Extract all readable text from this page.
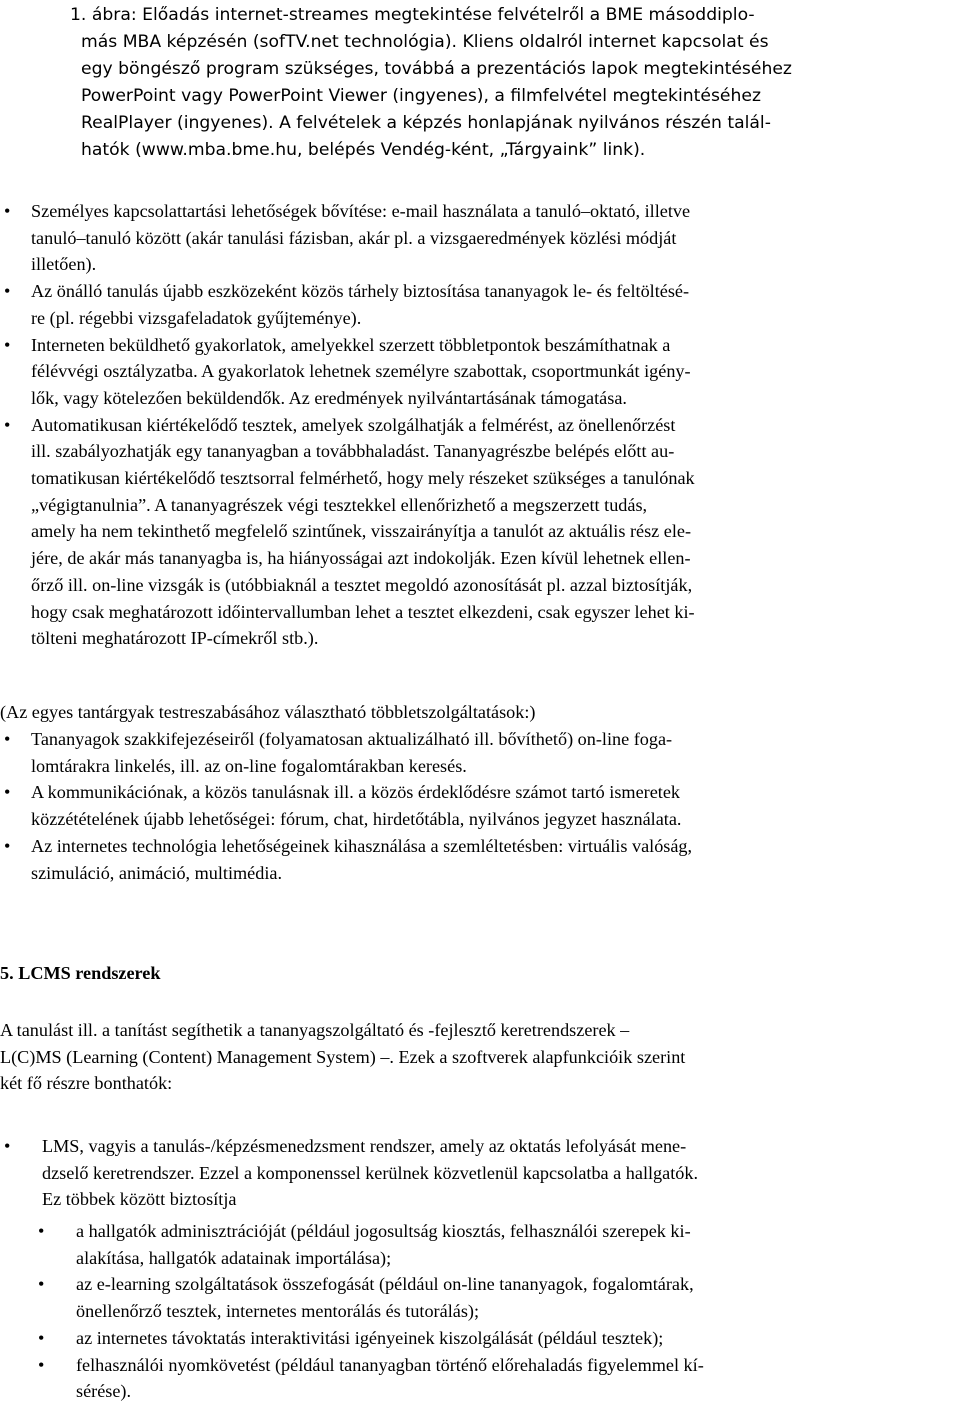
1. ábra: Előadás internet-streames megtekintése felvételről a BME másoddiplo-
más MBA képzésén (sofTV.net technológia). Kliens oldalról internet kapcsolat és
egy böngésző program szükséges, továbbá a prezentációs lapok megtekintéséhez
PowerPoint vagy PowerPoint Viewer (ingyenes), a filmfelvétel megtekintéséhez
RealPlayer (ingyenes). A felvételek a képzés honlapjának nyilvános részén talál-
hatók (www.mba.bme.hu, belépés Vendég-ként, „Tárgyaink” link).

•	Személyes kapcsolattartási lehetőségek bővítése: e-mail használata a tanuló–oktató, illetve
tanuló–tanuló között (akár tanulási fázisban, akár pl. a vizsgaeredmények közlési módját
illetően).
•	Az önálló tanulás újabb eszközeként közös tárhely biztosítása tananyagok le- és feltöltésé-
re (pl. régebbi vizsgafeladatok gyűjteménye).
•	Interneten beküldhető gyakorlatok, amelyekkel szerzett többletpontok beszámíthatnak a
félévvégi osztályzatba. A gyakorlatok lehetnek személyre szabottak, csoportmunkát igény-
lők, vagy kötelezően beküldendők. Az eredmények nyilvántartásának támogatása.
•	Automatikusan kiértékelődő tesztek, amelyek szolgálhatják a felmérést, az önellenőrzést
ill. szabályozhatják egy tananyagban a továbbhaladást. Tananyagrészbe belépés előtt au-
tomatikusan kiértékelődő tesztsorral felmérhető, hogy mely részeket szükséges a tanulónak
„végigtanulnia”. A tananyagrészek végi tesztekkel ellenőrizhető a megszerzett tudás,
amely ha nem tekinthető megfelelő szintűnek, visszairányítja a tanulót az aktuális rész ele-
jére, de akár más tananyagba is, ha hiányosságai azt indokolják. Ezen kívül lehetnek ellen-
őrző ill. on-line vizsgák is (utóbbiaknál a tesztet megoldó azonosítását pl. azzal biztosítják,
hogy csak meghatározott időintervallumban lehet a tesztet elkezdeni, csak egyszer lehet ki-
tölteni meghatározott IP-címekről stb.).

(Az egyes tantárgyak testreszabásához választható többletszolgáltatások:)

•	Tananyagok szakkifejezéseiről (folyamatosan aktualizálható ill. bővíthető) on-line foga-
lomtárakra linkelés, ill. az on-line fogalomtárakban keresés.
•	A kommunikációnak, a közös tanulásnak ill. a közös érdeklődésre számot tartó ismeretek
közzétételének újabb lehetőségei: fórum, chat, hirdetőtábla, nyilvános jegyzet használata.
•	Az internetes technológia lehetőségeinek kihasználása a szemléltetésben: virtuális valóság,
szimuláció, animáció, multimédia.

5. LCMS rendszerek

A tanulást ill. a tanítást segíthetik a tananyagszolgáltató és -fejlesztő keretrendszerek –
L(C)MS (Learning (Content) Management System) –. Ezek a szoftverek alapfunkcióik szerint
két fő részre bonthatók:

•	LMS, vagyis a tanulás-/képzésmenedzsment rendszer, amely az oktatás lefolyását mene-
dzselő keretrendszer. Ezzel a komponenssel kerülnek közvetlenül kapcsolatba a hallgatók.
Ez többek között biztosítja
•	a hallgatók adminisztrációját (például jogosultság kiosztás, felhasználói szerepek ki-
alakítása, hallgatók adatainak importálása);
•	az e-learning szolgáltatások összefogását (például on-line tananyagok, fogalomtárak,
önellenőrző tesztek, internetes mentorálás és tutorálás);
•	az internetes távoktatás interaktivitási igényeinek kiszolgálását (például tesztek);
•	felhasználói nyomkövetést (például tananyagban történő előrehaladás figyelemmel kí-
sérése).
